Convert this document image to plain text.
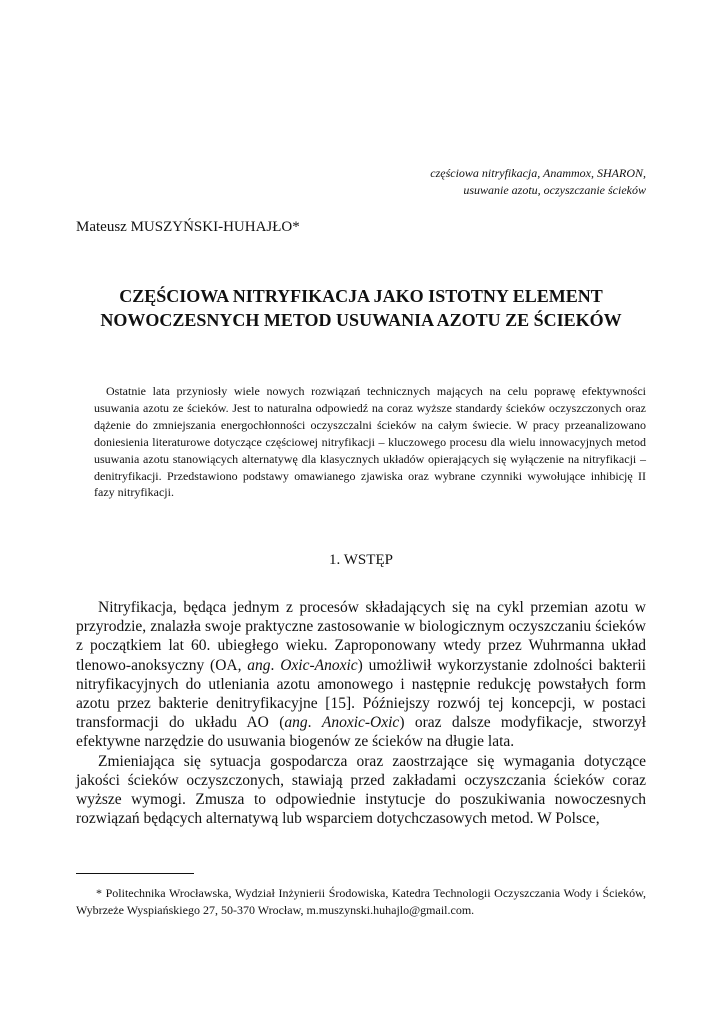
częściowa nitryfikacja, Anammox, SHARON,
usuwanie azotu, oczyszczanie ścieków
Mateusz MUSZYŃSKI-HUHAJŁO*
CZĘŚCIOWA NITRYFIKACJA JAKO ISTOTNY ELEMENT
NOWOCZESNYCH METOD USUWANIA AZOTU ZE ŚCIEKÓW
Ostatnie lata przyniosły wiele nowych rozwiązań technicznych mających na celu poprawę efektywności usuwania azotu ze ścieków. Jest to naturalna odpowiedź na coraz wyższe standardy ścieków oczyszczonych oraz dążenie do zmniejszania energochłonności oczyszczalni ścieków na całym świecie. W pracy przeanalizowano doniesienia literaturowe dotyczące częściowej nitryfikacji – kluczowego procesu dla wielu innowacyjnych metod usuwania azotu stanowiących alternatywę dla klasycznych układów opierających się wyłączenie na nitryfikacji – denitryfikacji. Przedstawiono podstawy omawianego zjawiska oraz wybrane czynniki wywołujące inhibicję II fazy nitryfikacji.
1. WSTĘP

Nitryfikacja, będąca jednym z procesów składających się na cykl przemian azotu w przyrodzie, znalazła swoje praktyczne zastosowanie w biologicznym oczyszczaniu ścieków z początkiem lat 60. ubiegłego wieku. Zaproponowany wtedy przez Wuhrmanna układ tlenowo-anoksyczny (OA, ang. Oxic-Anoxic) umożliwił wykorzystanie zdolności bakterii nitryfikacyjnych do utleniania azotu amonowego i następnie redukcję powstałych form azotu przez bakterie denitryfikacyjne [15]. Późniejszy rozwój tej koncepcji, w postaci transformacji do układu AO (ang. Anoxic-Oxic) oraz dalsze modyfikacje, stworzył efektywne narzędzie do usuwania biogenów ze ścieków na długie lata.

Zmieniająca się sytuacja gospodarcza oraz zaostrzające się wymagania dotyczące jakości ścieków oczyszczonych, stawiają przed zakładami oczyszczania ścieków coraz wyższe wymogi. Zmusza to odpowiednie instytucje do poszukiwania nowoczesnych rozwiązań będących alternatywą lub wsparciem dotychczasowych metod. W Polsce,

* Politechnika Wrocławska, Wydział Inżynierii Środowiska, Katedra Technologii Oczyszczania Wody i Ścieków, Wybrzeże Wyspiańskiego 27, 50-370 Wrocław, m.muszynski.huhajlo@gmail.com.
